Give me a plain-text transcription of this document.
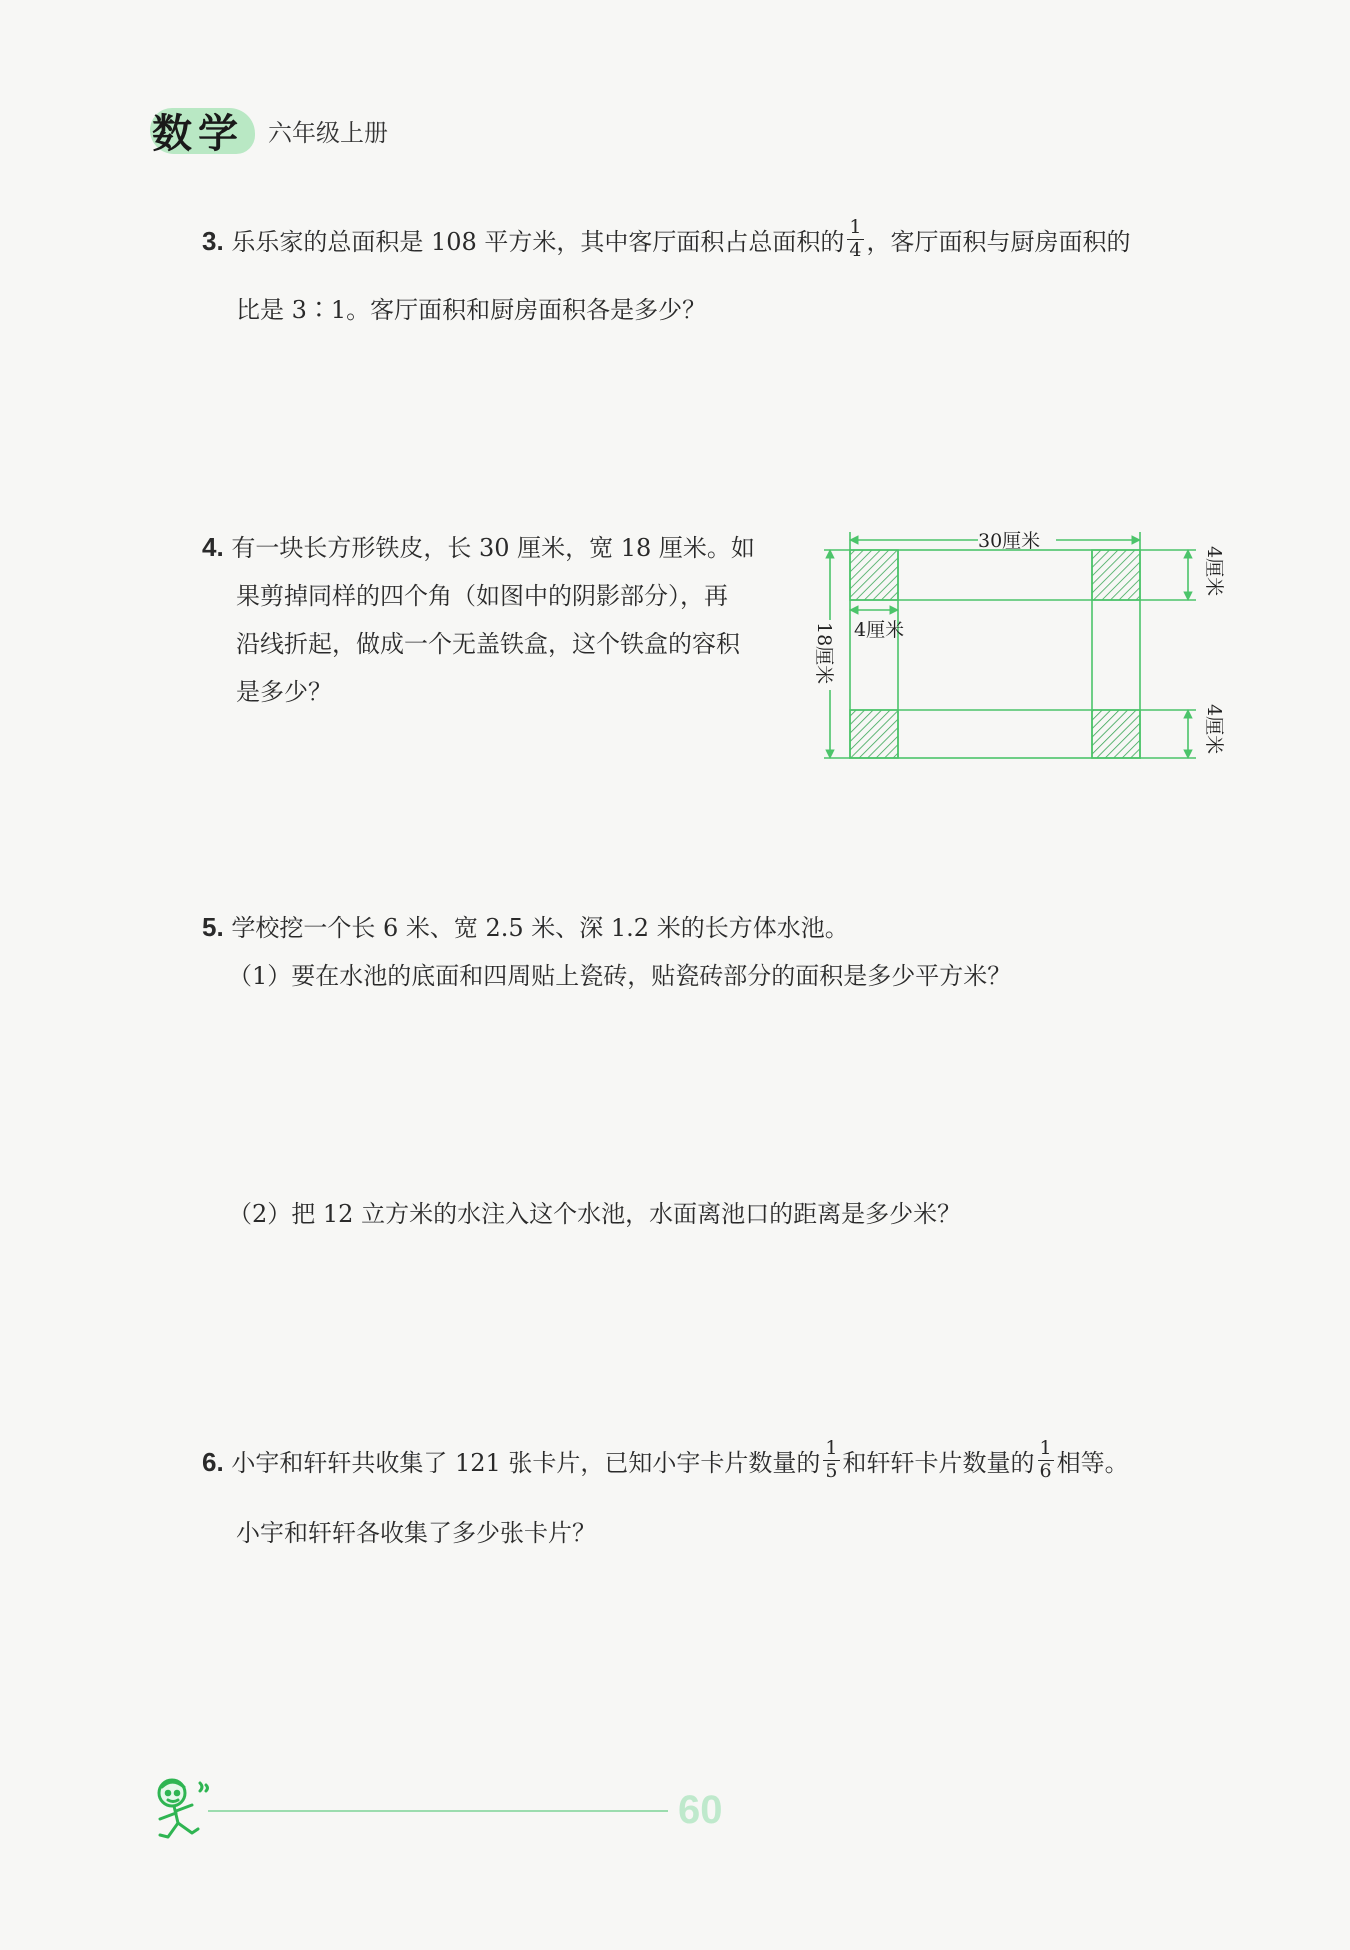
数学 六年级上册
3. 乐乐家的总面积是 108 平方米，其中客厅面积占总面积的 $\frac{1}{4}$ ，客厅面积与厨房面积的
比是 3∶1。客厅面积和厨房面积各是多少？
4. 有一块长方形铁皮，长 30 厘米，宽 18 厘米。如
果剪掉同样的四个角（如图中的阴影部分），再
沿线折起，做成一个无盖铁盒，这个铁盒的容积
是多少？
30厘米
18厘米 4厘米
4厘米
4厘米
5. 学校挖一个长 6 米、宽 2.5 米、深 1.2 米的长方体水池。
（1）要在水池的底面和四周贴上瓷砖，贴瓷砖部分的面积是多少平方米？
（2）把 12 立方米的水注入这个水池，水面离池口的距离是多少米？
6. 小宇和轩轩共收集了 121 张卡片，已知小宇卡片数量的 $\frac{1}{5}$ 和轩轩卡片数量的 $\frac{1}{6}$ 相等。
小宇和轩轩各收集了多少张卡片？
60
